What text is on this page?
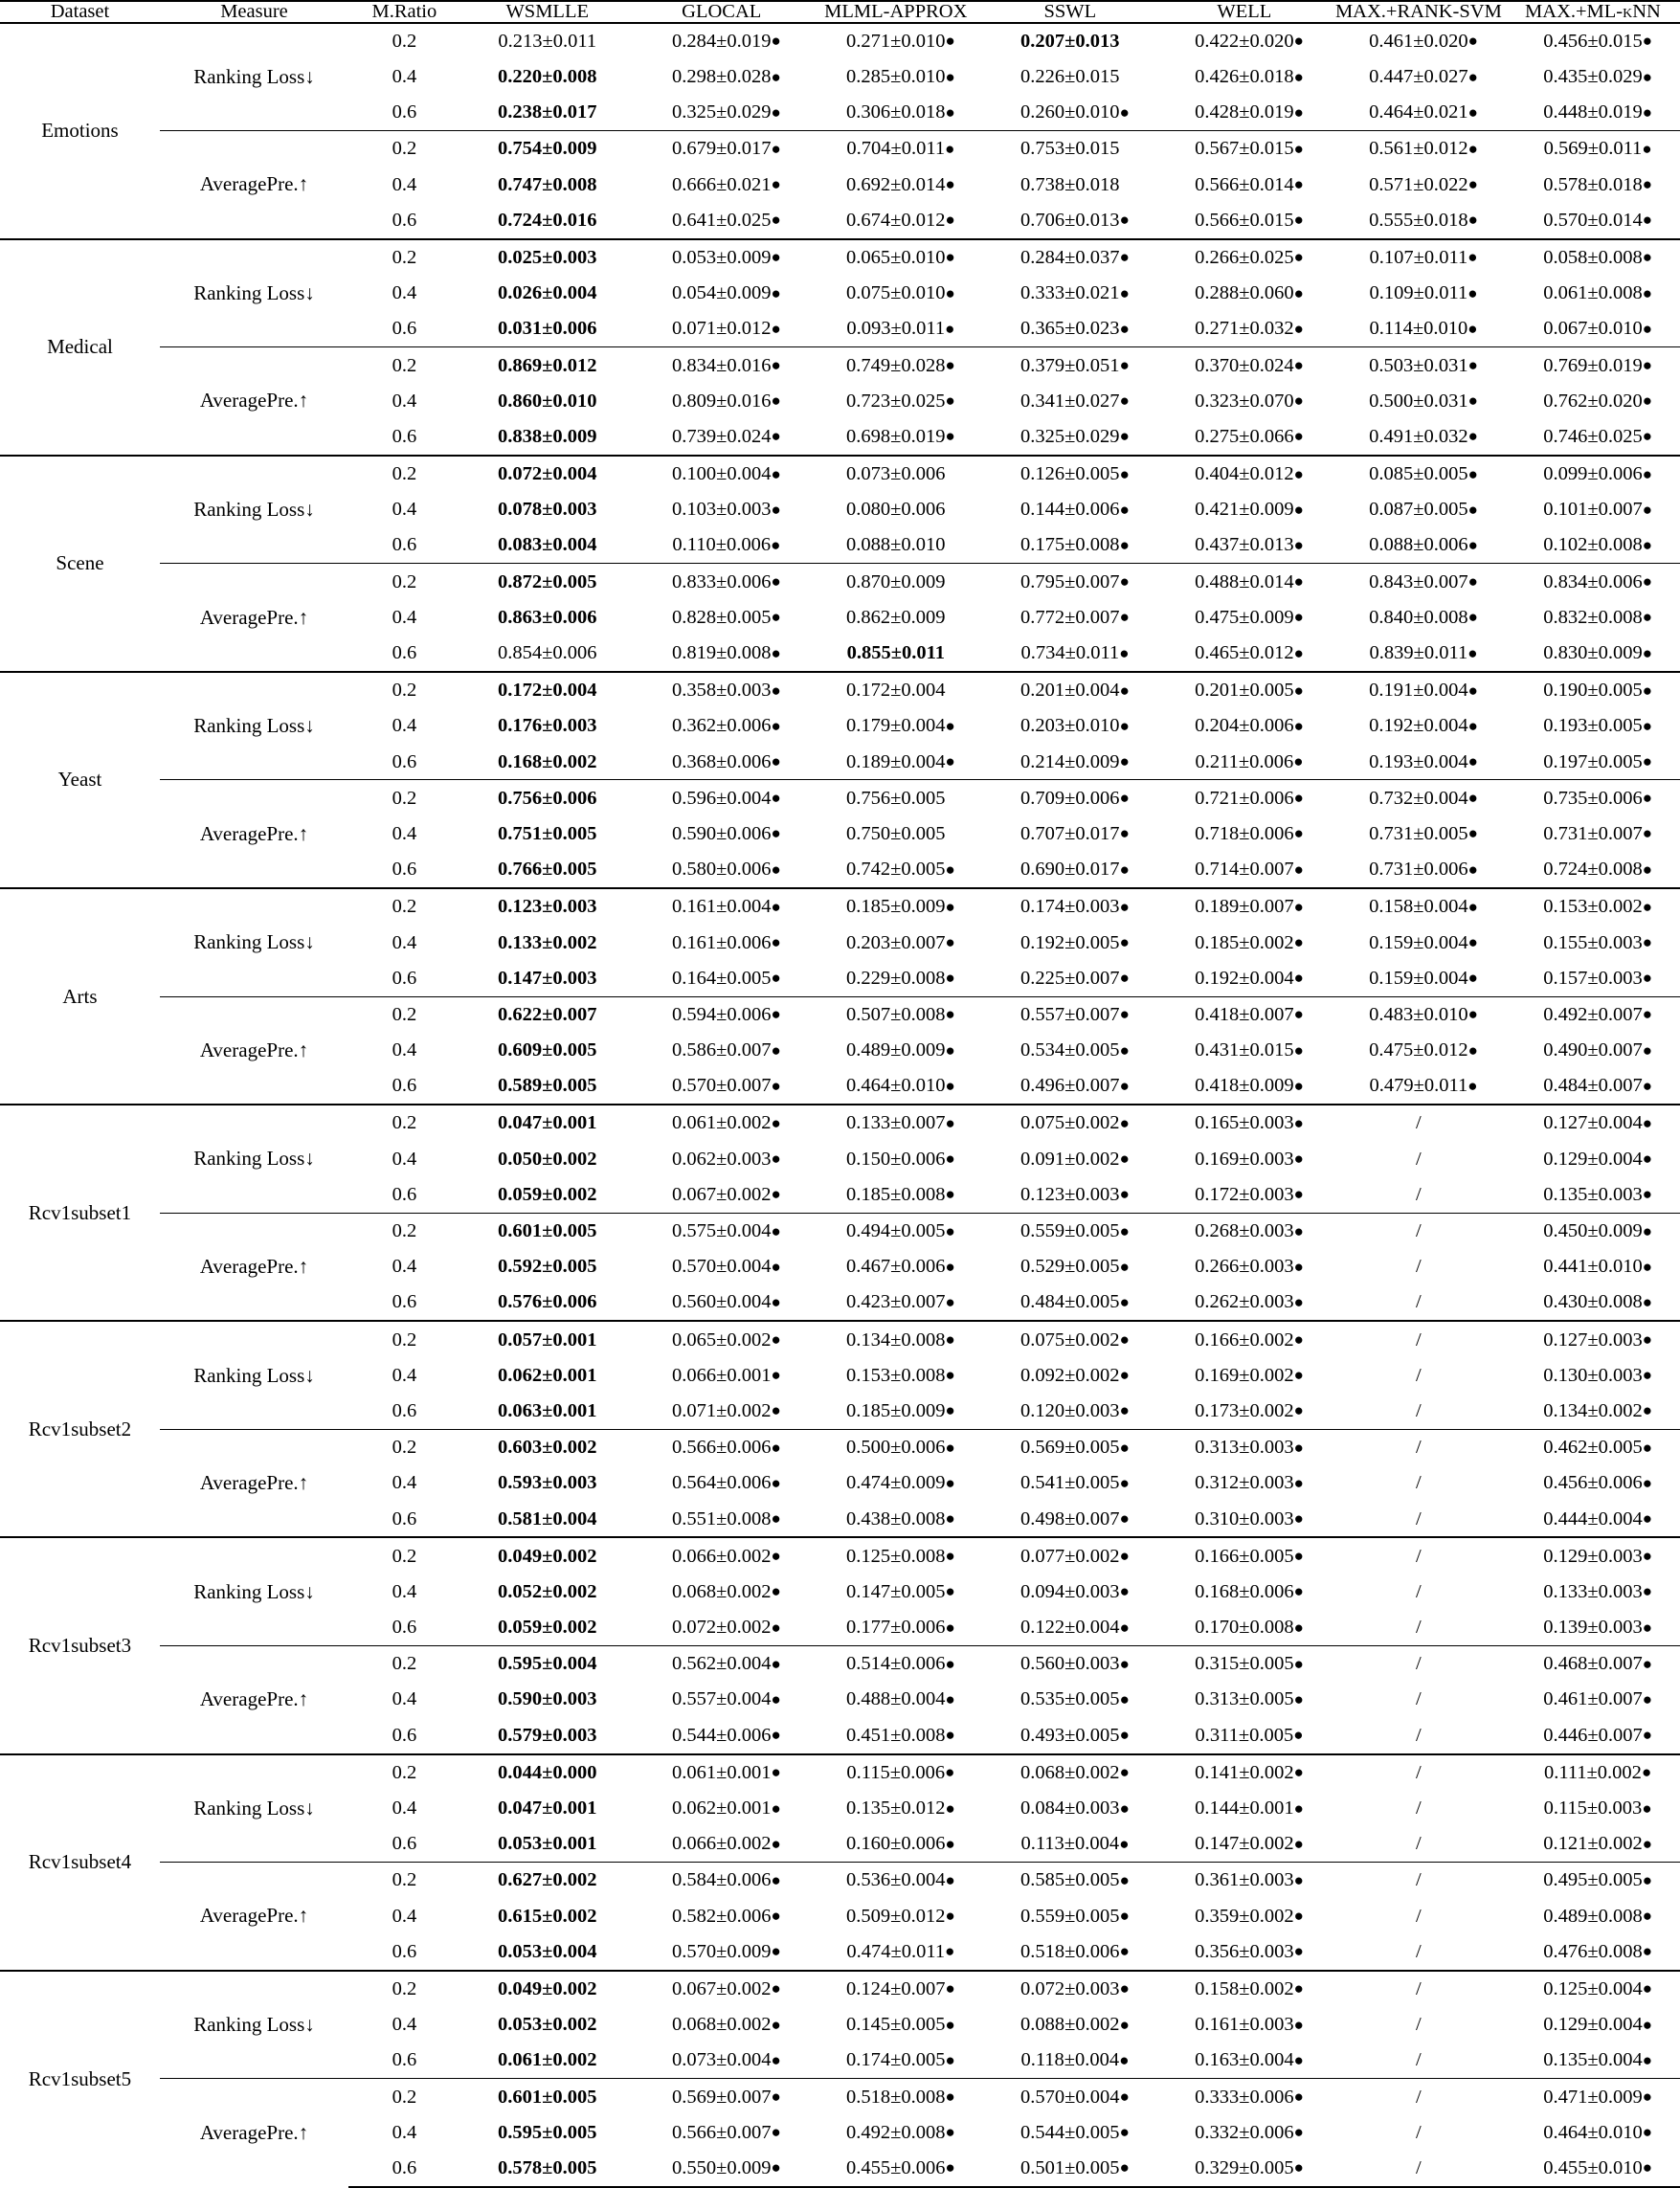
Dataset	Measure	M.Ratio	WSMLLE	GLOCAL	MLML-APPROX	SSWL	WELL	MAX.+RANK-SVM	MAX.+ML-kNN
Emotions	Ranking Loss↓	0.2	0.213±0.011	0.284±0.019●	0.271±0.010●	0.207±0.013	0.422±0.020●	0.461±0.020●	0.456±0.015●
		0.4	0.220±0.008	0.298±0.028●	0.285±0.010●	0.226±0.015	0.426±0.018●	0.447±0.027●	0.435±0.029●
		0.6	0.238±0.017	0.325±0.029●	0.306±0.018●	0.260±0.010●	0.428±0.019●	0.464±0.021●	0.448±0.019●
	AveragePre.↑	0.2	0.754±0.009	0.679±0.017●	0.704±0.011●	0.753±0.015	0.567±0.015●	0.561±0.012●	0.569±0.011●
		0.4	0.747±0.008	0.666±0.021●	0.692±0.014●	0.738±0.018	0.566±0.014●	0.571±0.022●	0.578±0.018●
		0.6	0.724±0.016	0.641±0.025●	0.674±0.012●	0.706±0.013●	0.566±0.015●	0.555±0.018●	0.570±0.014●
Medical	Ranking Loss↓	0.2	0.025±0.003	0.053±0.009●	0.065±0.010●	0.284±0.037●	0.266±0.025●	0.107±0.011●	0.058±0.008●
		0.4	0.026±0.004	0.054±0.009●	0.075±0.010●	0.333±0.021●	0.288±0.060●	0.109±0.011●	0.061±0.008●
		0.6	0.031±0.006	0.071±0.012●	0.093±0.011●	0.365±0.023●	0.271±0.032●	0.114±0.010●	0.067±0.010●
	AveragePre.↑	0.2	0.869±0.012	0.834±0.016●	0.749±0.028●	0.379±0.051●	0.370±0.024●	0.503±0.031●	0.769±0.019●
		0.4	0.860±0.010	0.809±0.016●	0.723±0.025●	0.341±0.027●	0.323±0.070●	0.500±0.031●	0.762±0.020●
		0.6	0.838±0.009	0.739±0.024●	0.698±0.019●	0.325±0.029●	0.275±0.066●	0.491±0.032●	0.746±0.025●
Scene	Ranking Loss↓	0.2	0.072±0.004	0.100±0.004●	0.073±0.006	0.126±0.005●	0.404±0.012●	0.085±0.005●	0.099±0.006●
		0.4	0.078±0.003	0.103±0.003●	0.080±0.006	0.144±0.006●	0.421±0.009●	0.087±0.005●	0.101±0.007●
		0.6	0.083±0.004	0.110±0.006●	0.088±0.010	0.175±0.008●	0.437±0.013●	0.088±0.006●	0.102±0.008●
	AveragePre.↑	0.2	0.872±0.005	0.833±0.006●	0.870±0.009	0.795±0.007●	0.488±0.014●	0.843±0.007●	0.834±0.006●
		0.4	0.863±0.006	0.828±0.005●	0.862±0.009	0.772±0.007●	0.475±0.009●	0.840±0.008●	0.832±0.008●
		0.6	0.854±0.006	0.819±0.008●	0.855±0.011	0.734±0.011●	0.465±0.012●	0.839±0.011●	0.830±0.009●
Yeast	Ranking Loss↓	0.2	0.172±0.004	0.358±0.003●	0.172±0.004	0.201±0.004●	0.201±0.005●	0.191±0.004●	0.190±0.005●
		0.4	0.176±0.003	0.362±0.006●	0.179±0.004●	0.203±0.010●	0.204±0.006●	0.192±0.004●	0.193±0.005●
		0.6	0.168±0.002	0.368±0.006●	0.189±0.004●	0.214±0.009●	0.211±0.006●	0.193±0.004●	0.197±0.005●
	AveragePre.↑	0.2	0.756±0.006	0.596±0.004●	0.756±0.005	0.709±0.006●	0.721±0.006●	0.732±0.004●	0.735±0.006●
		0.4	0.751±0.005	0.590±0.006●	0.750±0.005	0.707±0.017●	0.718±0.006●	0.731±0.005●	0.731±0.007●
		0.6	0.766±0.005	0.580±0.006●	0.742±0.005●	0.690±0.017●	0.714±0.007●	0.731±0.006●	0.724±0.008●
Arts	Ranking Loss↓	0.2	0.123±0.003	0.161±0.004●	0.185±0.009●	0.174±0.003●	0.189±0.007●	0.158±0.004●	0.153±0.002●
		0.4	0.133±0.002	0.161±0.006●	0.203±0.007●	0.192±0.005●	0.185±0.002●	0.159±0.004●	0.155±0.003●
		0.6	0.147±0.003	0.164±0.005●	0.229±0.008●	0.225±0.007●	0.192±0.004●	0.159±0.004●	0.157±0.003●
	AveragePre.↑	0.2	0.622±0.007	0.594±0.006●	0.507±0.008●	0.557±0.007●	0.418±0.007●	0.483±0.010●	0.492±0.007●
		0.4	0.609±0.005	0.586±0.007●	0.489±0.009●	0.534±0.005●	0.431±0.015●	0.475±0.012●	0.490±0.007●
		0.6	0.589±0.005	0.570±0.007●	0.464±0.010●	0.496±0.007●	0.418±0.009●	0.479±0.011●	0.484±0.007●
Rcv1subset1	Ranking Loss↓	0.2	0.047±0.001	0.061±0.002●	0.133±0.007●	0.075±0.002●	0.165±0.003●	/	0.127±0.004●
		0.4	0.050±0.002	0.062±0.003●	0.150±0.006●	0.091±0.002●	0.169±0.003●	/	0.129±0.004●
		0.6	0.059±0.002	0.067±0.002●	0.185±0.008●	0.123±0.003●	0.172±0.003●	/	0.135±0.003●
	AveragePre.↑	0.2	0.601±0.005	0.575±0.004●	0.494±0.005●	0.559±0.005●	0.268±0.003●	/	0.450±0.009●
		0.4	0.592±0.005	0.570±0.004●	0.467±0.006●	0.529±0.005●	0.266±0.003●	/	0.441±0.010●
		0.6	0.576±0.006	0.560±0.004●	0.423±0.007●	0.484±0.005●	0.262±0.003●	/	0.430±0.008●
Rcv1subset2	Ranking Loss↓	0.2	0.057±0.001	0.065±0.002●	0.134±0.008●	0.075±0.002●	0.166±0.002●	/	0.127±0.003●
		0.4	0.062±0.001	0.066±0.001●	0.153±0.008●	0.092±0.002●	0.169±0.002●	/	0.130±0.003●
		0.6	0.063±0.001	0.071±0.002●	0.185±0.009●	0.120±0.003●	0.173±0.002●	/	0.134±0.002●
	AveragePre.↑	0.2	0.603±0.002	0.566±0.006●	0.500±0.006●	0.569±0.005●	0.313±0.003●	/	0.462±0.005●
		0.4	0.593±0.003	0.564±0.006●	0.474±0.009●	0.541±0.005●	0.312±0.003●	/	0.456±0.006●
		0.6	0.581±0.004	0.551±0.008●	0.438±0.008●	0.498±0.007●	0.310±0.003●	/	0.444±0.004●
Rcv1subset3	Ranking Loss↓	0.2	0.049±0.002	0.066±0.002●	0.125±0.008●	0.077±0.002●	0.166±0.005●	/	0.129±0.003●
		0.4	0.052±0.002	0.068±0.002●	0.147±0.005●	0.094±0.003●	0.168±0.006●	/	0.133±0.003●
		0.6	0.059±0.002	0.072±0.002●	0.177±0.006●	0.122±0.004●	0.170±0.008●	/	0.139±0.003●
	AveragePre.↑	0.2	0.595±0.004	0.562±0.004●	0.514±0.006●	0.560±0.003●	0.315±0.005●	/	0.468±0.007●
		0.4	0.590±0.003	0.557±0.004●	0.488±0.004●	0.535±0.005●	0.313±0.005●	/	0.461±0.007●
		0.6	0.579±0.003	0.544±0.006●	0.451±0.008●	0.493±0.005●	0.311±0.005●	/	0.446±0.007●
Rcv1subset4	Ranking Loss↓	0.2	0.044±0.000	0.061±0.001●	0.115±0.006●	0.068±0.002●	0.141±0.002●	/	0.111±0.002●
		0.4	0.047±0.001	0.062±0.001●	0.135±0.012●	0.084±0.003●	0.144±0.001●	/	0.115±0.003●
		0.6	0.053±0.001	0.066±0.002●	0.160±0.006●	0.113±0.004●	0.147±0.002●	/	0.121±0.002●
	AveragePre.↑	0.2	0.627±0.002	0.584±0.006●	0.536±0.004●	0.585±0.005●	0.361±0.003●	/	0.495±0.005●
		0.4	0.615±0.002	0.582±0.006●	0.509±0.012●	0.559±0.005●	0.359±0.002●	/	0.489±0.008●
		0.6	0.053±0.004	0.570±0.009●	0.474±0.011●	0.518±0.006●	0.356±0.003●	/	0.476±0.008●
Rcv1subset5	Ranking Loss↓	0.2	0.049±0.002	0.067±0.002●	0.124±0.007●	0.072±0.003●	0.158±0.002●	/	0.125±0.004●
		0.4	0.053±0.002	0.068±0.002●	0.145±0.005●	0.088±0.002●	0.161±0.003●	/	0.129±0.004●
		0.6	0.061±0.002	0.073±0.004●	0.174±0.005●	0.118±0.004●	0.163±0.004●	/	0.135±0.004●
	AveragePre.↑	0.2	0.601±0.005	0.569±0.007●	0.518±0.008●	0.570±0.004●	0.333±0.006●	/	0.471±0.009●
		0.4	0.595±0.005	0.566±0.007●	0.492±0.008●	0.544±0.005●	0.332±0.006●	/	0.464±0.010●
		0.6	0.578±0.005	0.550±0.009●	0.455±0.006●	0.501±0.005●	0.329±0.005●	/	0.455±0.010●
